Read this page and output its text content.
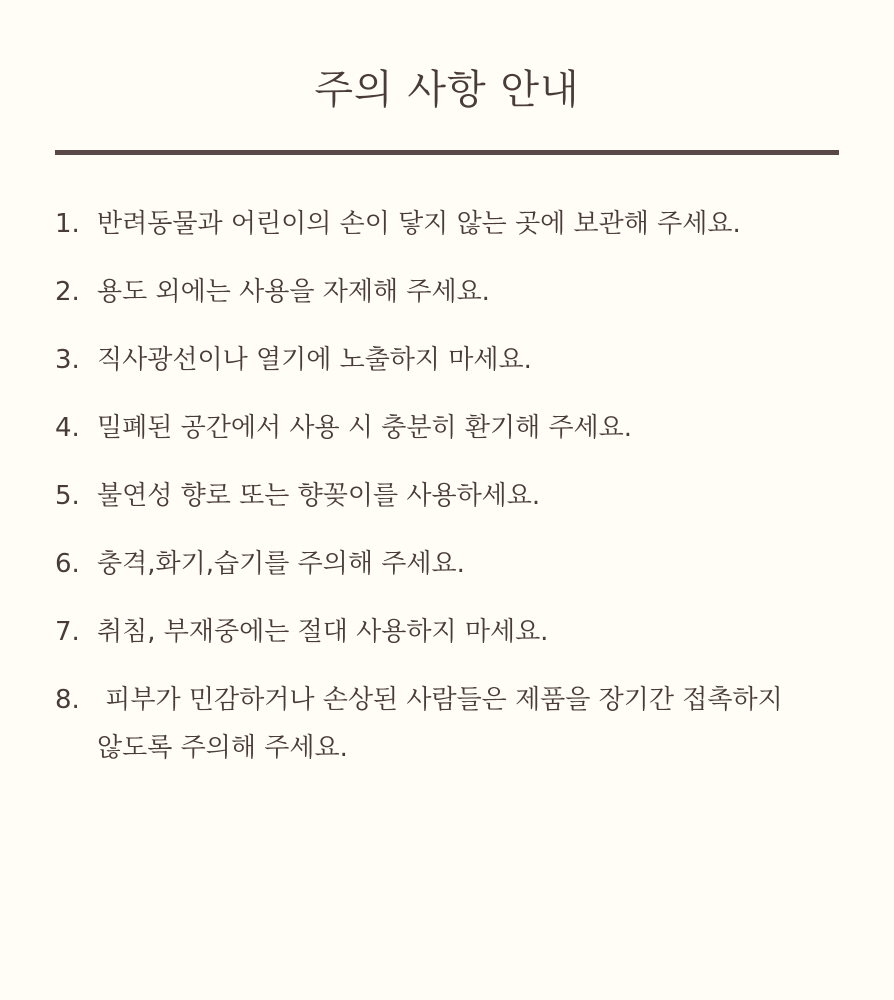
주의 사항 안내
1. 반려동물과 어린이의 손이 닿지 않는 곳에 보관해 주세요.
2. 용도 외에는 사용을 자제해 주세요.
3. 직사광선이나 열기에 노출하지 마세요.
4. 밀폐된 공간에서 사용 시 충분히 환기해 주세요.
5. 불연성 향로 또는 향꽂이를 사용하세요.
6. 충격,화기,습기를 주의해 주세요.
7. 취침, 부재중에는 절대 사용하지 마세요.
8. 피부가 민감하거나 손상된 사람들은 제품을 장기간 접촉하지 않도록 주의해 주세요.
